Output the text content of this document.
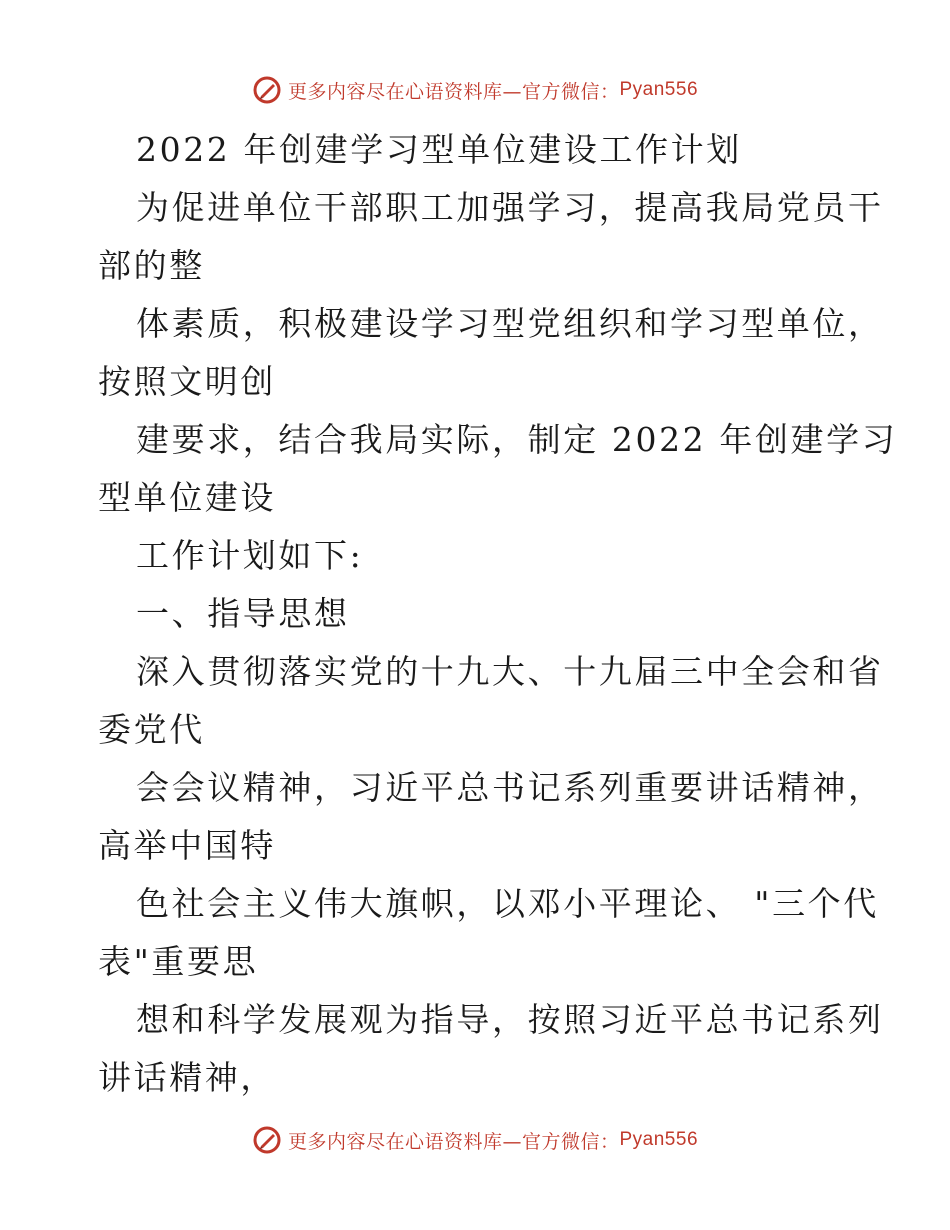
更多内容尽在心语资料库— 官方微信： Pyan556
2022 年创建学习型单位建设工作计划
为促进单位干部职工加强学习，提高我局党员干
部的整
体素质，积极建设学习型党组织和学习型单位，
按照文明创
建要求，结合我局实际，制定 2022 年创建学习
型单位建设
工作计划如下:
一、指导思想
深入贯彻落实党的十九大、十九届三中全会和省
委党代
会会议精神，习近平总书记系列重要讲话精神，
高举中国特
色社会主义伟大旗帜，以邓小平理论、 "三个代
表"重要思
想和科学发展观为指导，按照习近平总书记系列
讲话精神，
更多内容尽在心语资料库— 官方微信： Pyan556
